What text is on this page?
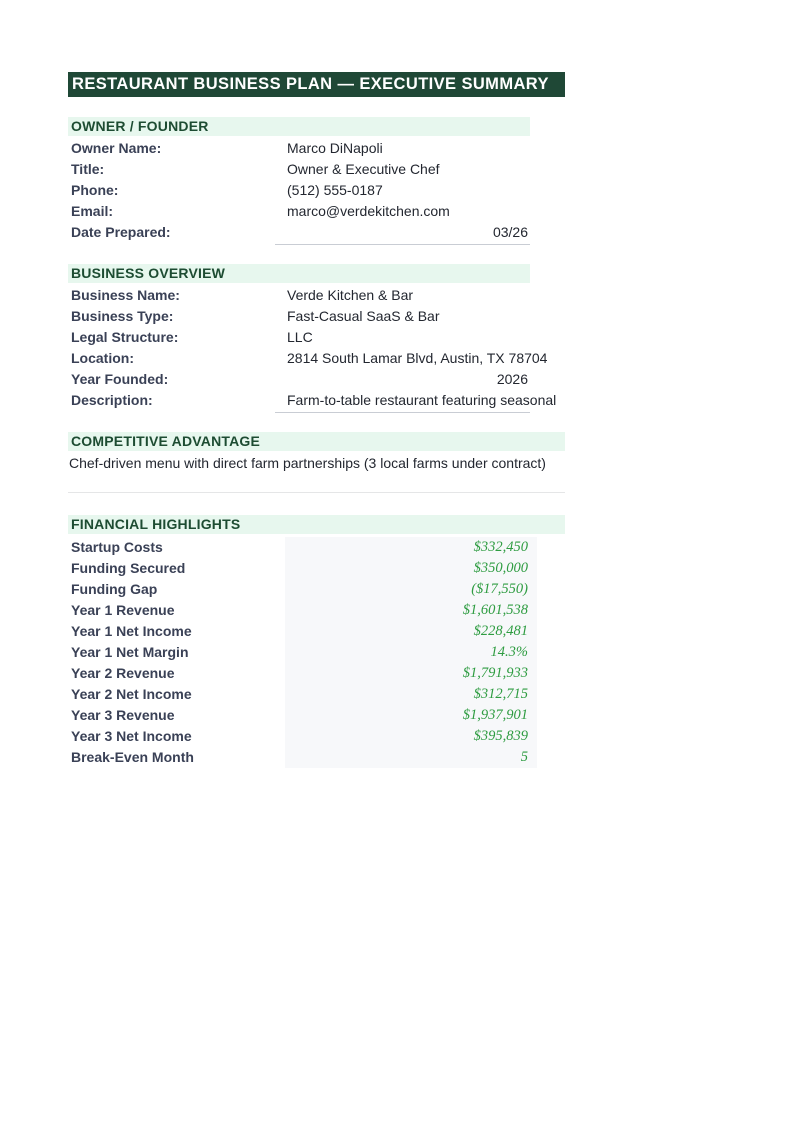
RESTAURANT BUSINESS PLAN — EXECUTIVE SUMMARY
OWNER / FOUNDER
Owner Name:	Marco DiNapoli
Title:	Owner & Executive Chef
Phone:	(512) 555-0187
Email:	marco@verdekitchen.com
Date Prepared:	03/26
BUSINESS OVERVIEW
Business Name:	Verde Kitchen & Bar
Business Type:	Fast-Casual SaaS & Bar
Legal Structure:	LLC
Location:	2814 South Lamar Blvd, Austin, TX 78704
Year Founded:	2026
Description:	Farm-to-table restaurant featuring seasonal
COMPETITIVE ADVANTAGE
Chef-driven menu with direct farm partnerships (3 local farms under contract)
FINANCIAL HIGHLIGHTS
Startup Costs	$332,450
Funding Secured	$350,000
Funding Gap	($17,550)
Year 1 Revenue	$1,601,538
Year 1 Net Income	$228,481
Year 1 Net Margin	14.3%
Year 2 Revenue	$1,791,933
Year 2 Net Income	$312,715
Year 3 Revenue	$1,937,901
Year 3 Net Income	$395,839
Break-Even Month	5
